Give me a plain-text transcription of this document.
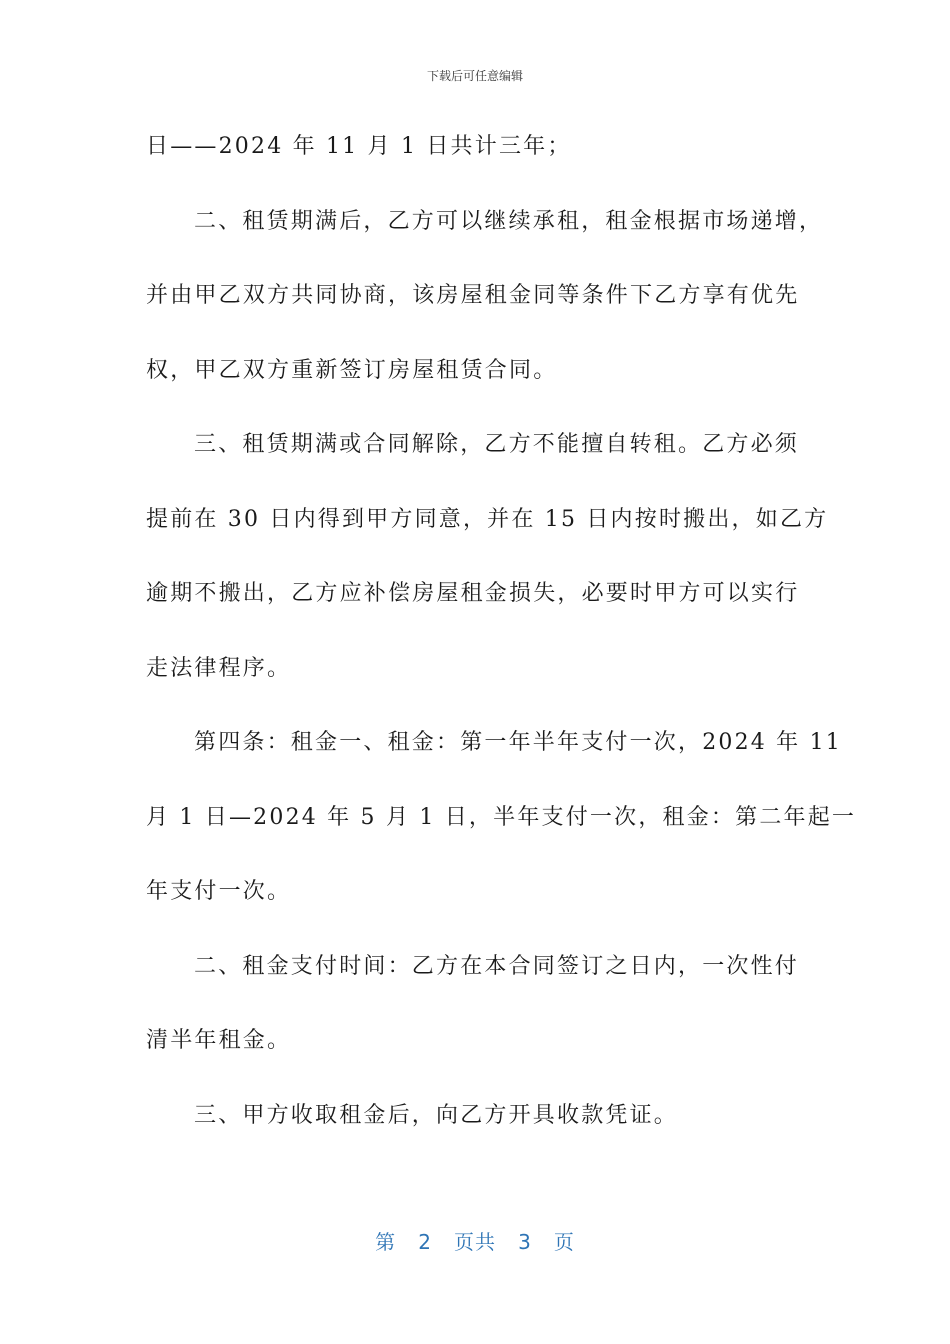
下载后可任意编辑
日——2024 年 11 月 1 日共计三年；
二、租赁期满后，乙方可以继续承租，租金根据市场递增，
并由甲乙双方共同协商，该房屋租金同等条件下乙方享有优先
权，甲乙双方重新签订房屋租赁合同。
三、租赁期满或合同解除，乙方不能擅自转租。乙方必须
提前在 30 日内得到甲方同意，并在 15 日内按时搬出，如乙方
逾期不搬出，乙方应补偿房屋租金损失，必要时甲方可以实行
走法律程序。
第四条：租金一、租金：第一年半年支付一次，2024 年 11
月 1 日—2024 年 5 月 1 日，半年支付一次，租金：第二年起一
年支付一次。
二、租金支付时间：乙方在本合同签订之日内，一次性付
清半年租金。
三、甲方收取租金后，向乙方开具收款凭证。
第 2 页共 3 页
